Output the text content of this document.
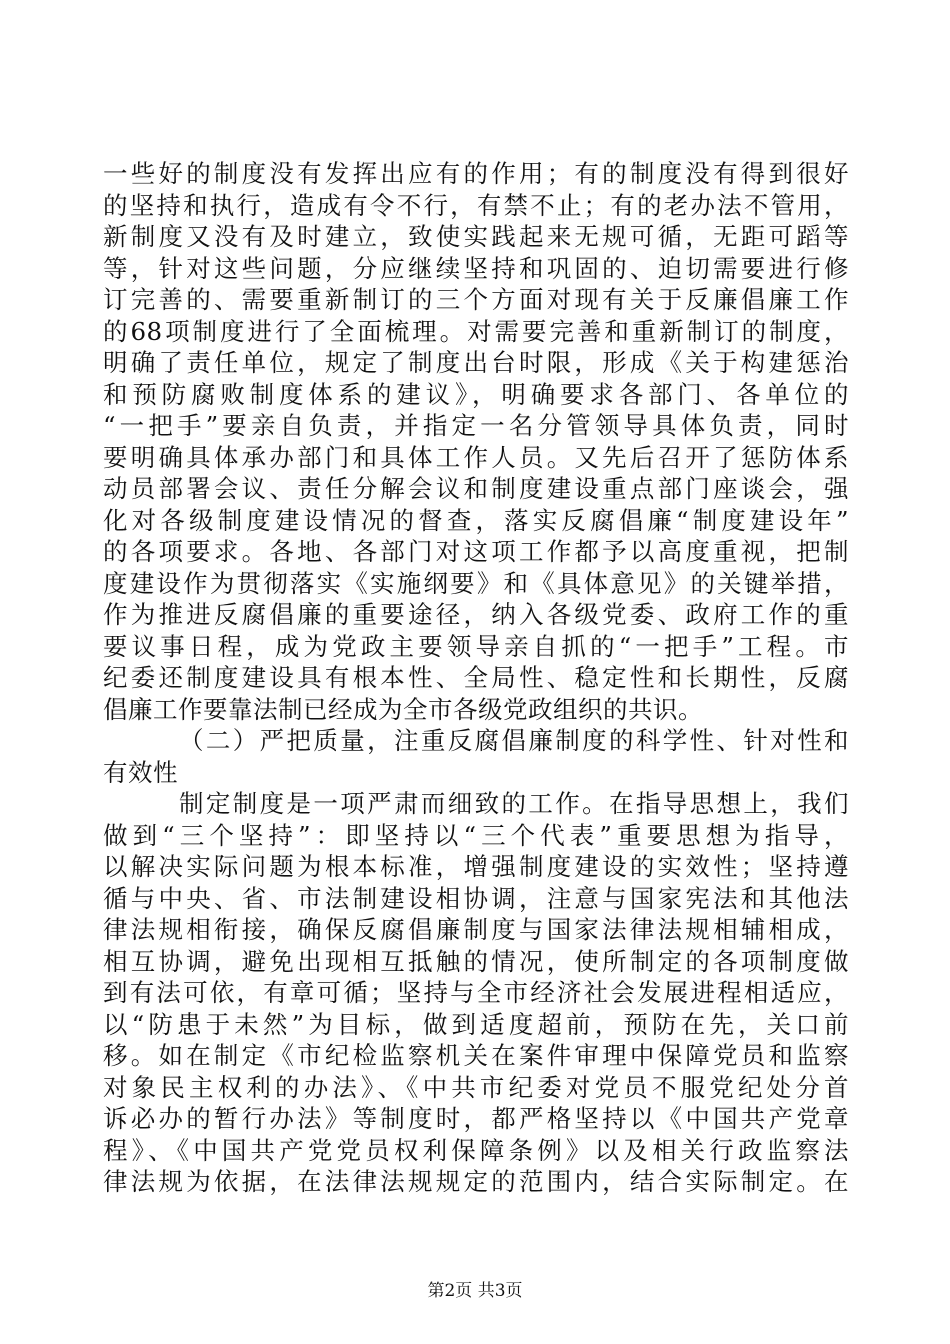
一些好的制度没有发挥出应有的作用；有的制度没有得到很好
的坚持和执行，造成有令不行，有禁不止；有的老办法不管用，
新制度又没有及时建立，致使实践起来无规可循，无距可蹈等
等，针对这些问题，分应继续坚持和巩固的、迫切需要进行修
订完善的、需要重新制订的三个方面对现有关于反廉倡廉工作
的68项制度进行了全面梳理。对需要完善和重新制订的制度，
明确了责任单位，规定了制度出台时限，形成《关于构建惩治
和预防腐败制度体系的建议》，明确要求各部门、各单位的
“一把手”要亲自负责，并指定一名分管领导具体负责，同时
要明确具体承办部门和具体工作人员。又先后召开了惩防体系
动员部署会议、责任分解会议和制度建设重点部门座谈会，强
化对各级制度建设情况的督查，落实反腐倡廉“制度建设年”
的各项要求。各地、各部门对这项工作都予以高度重视，把制
度建设作为贯彻落实《实施纲要》和《具体意见》的关键举措，
作为推进反腐倡廉的重要途径，纳入各级党委、政府工作的重
要议事日程，成为党政主要领导亲自抓的“一把手”工程。市
纪委还制度建设具有根本性、全局性、稳定性和长期性，反腐
倡廉工作要靠法制已经成为全市各级党政组织的共识。
（二）严把质量，注重反腐倡廉制度的科学性、针对性和
有效性
制定制度是一项严肃而细致的工作。在指导思想上，我们
做到“三个坚持”：即坚持以“三个代表”重要思想为指导，
以解决实际问题为根本标准，增强制度建设的实效性；坚持遵
循与中央、省、市法制建设相协调，注意与国家宪法和其他法
律法规相衔接，确保反腐倡廉制度与国家法律法规相辅相成，
相互协调，避免出现相互抵触的情况，使所制定的各项制度做
到有法可依，有章可循；坚持与全市经济社会发展进程相适应，
以“防患于未然”为目标，做到适度超前，预防在先，关口前
移。如在制定《市纪检监察机关在案件审理中保障党员和监察
对象民主权利的办法》、《中共市纪委对党员不服党纪处分首
诉必办的暂行办法》等制度时，都严格坚持以《中国共产党章
程》、《中国共产党党员权利保障条例》以及相关行政监察法
律法规为依据，在法律法规规定的范围内，结合实际制定。在
第2页 共3页
